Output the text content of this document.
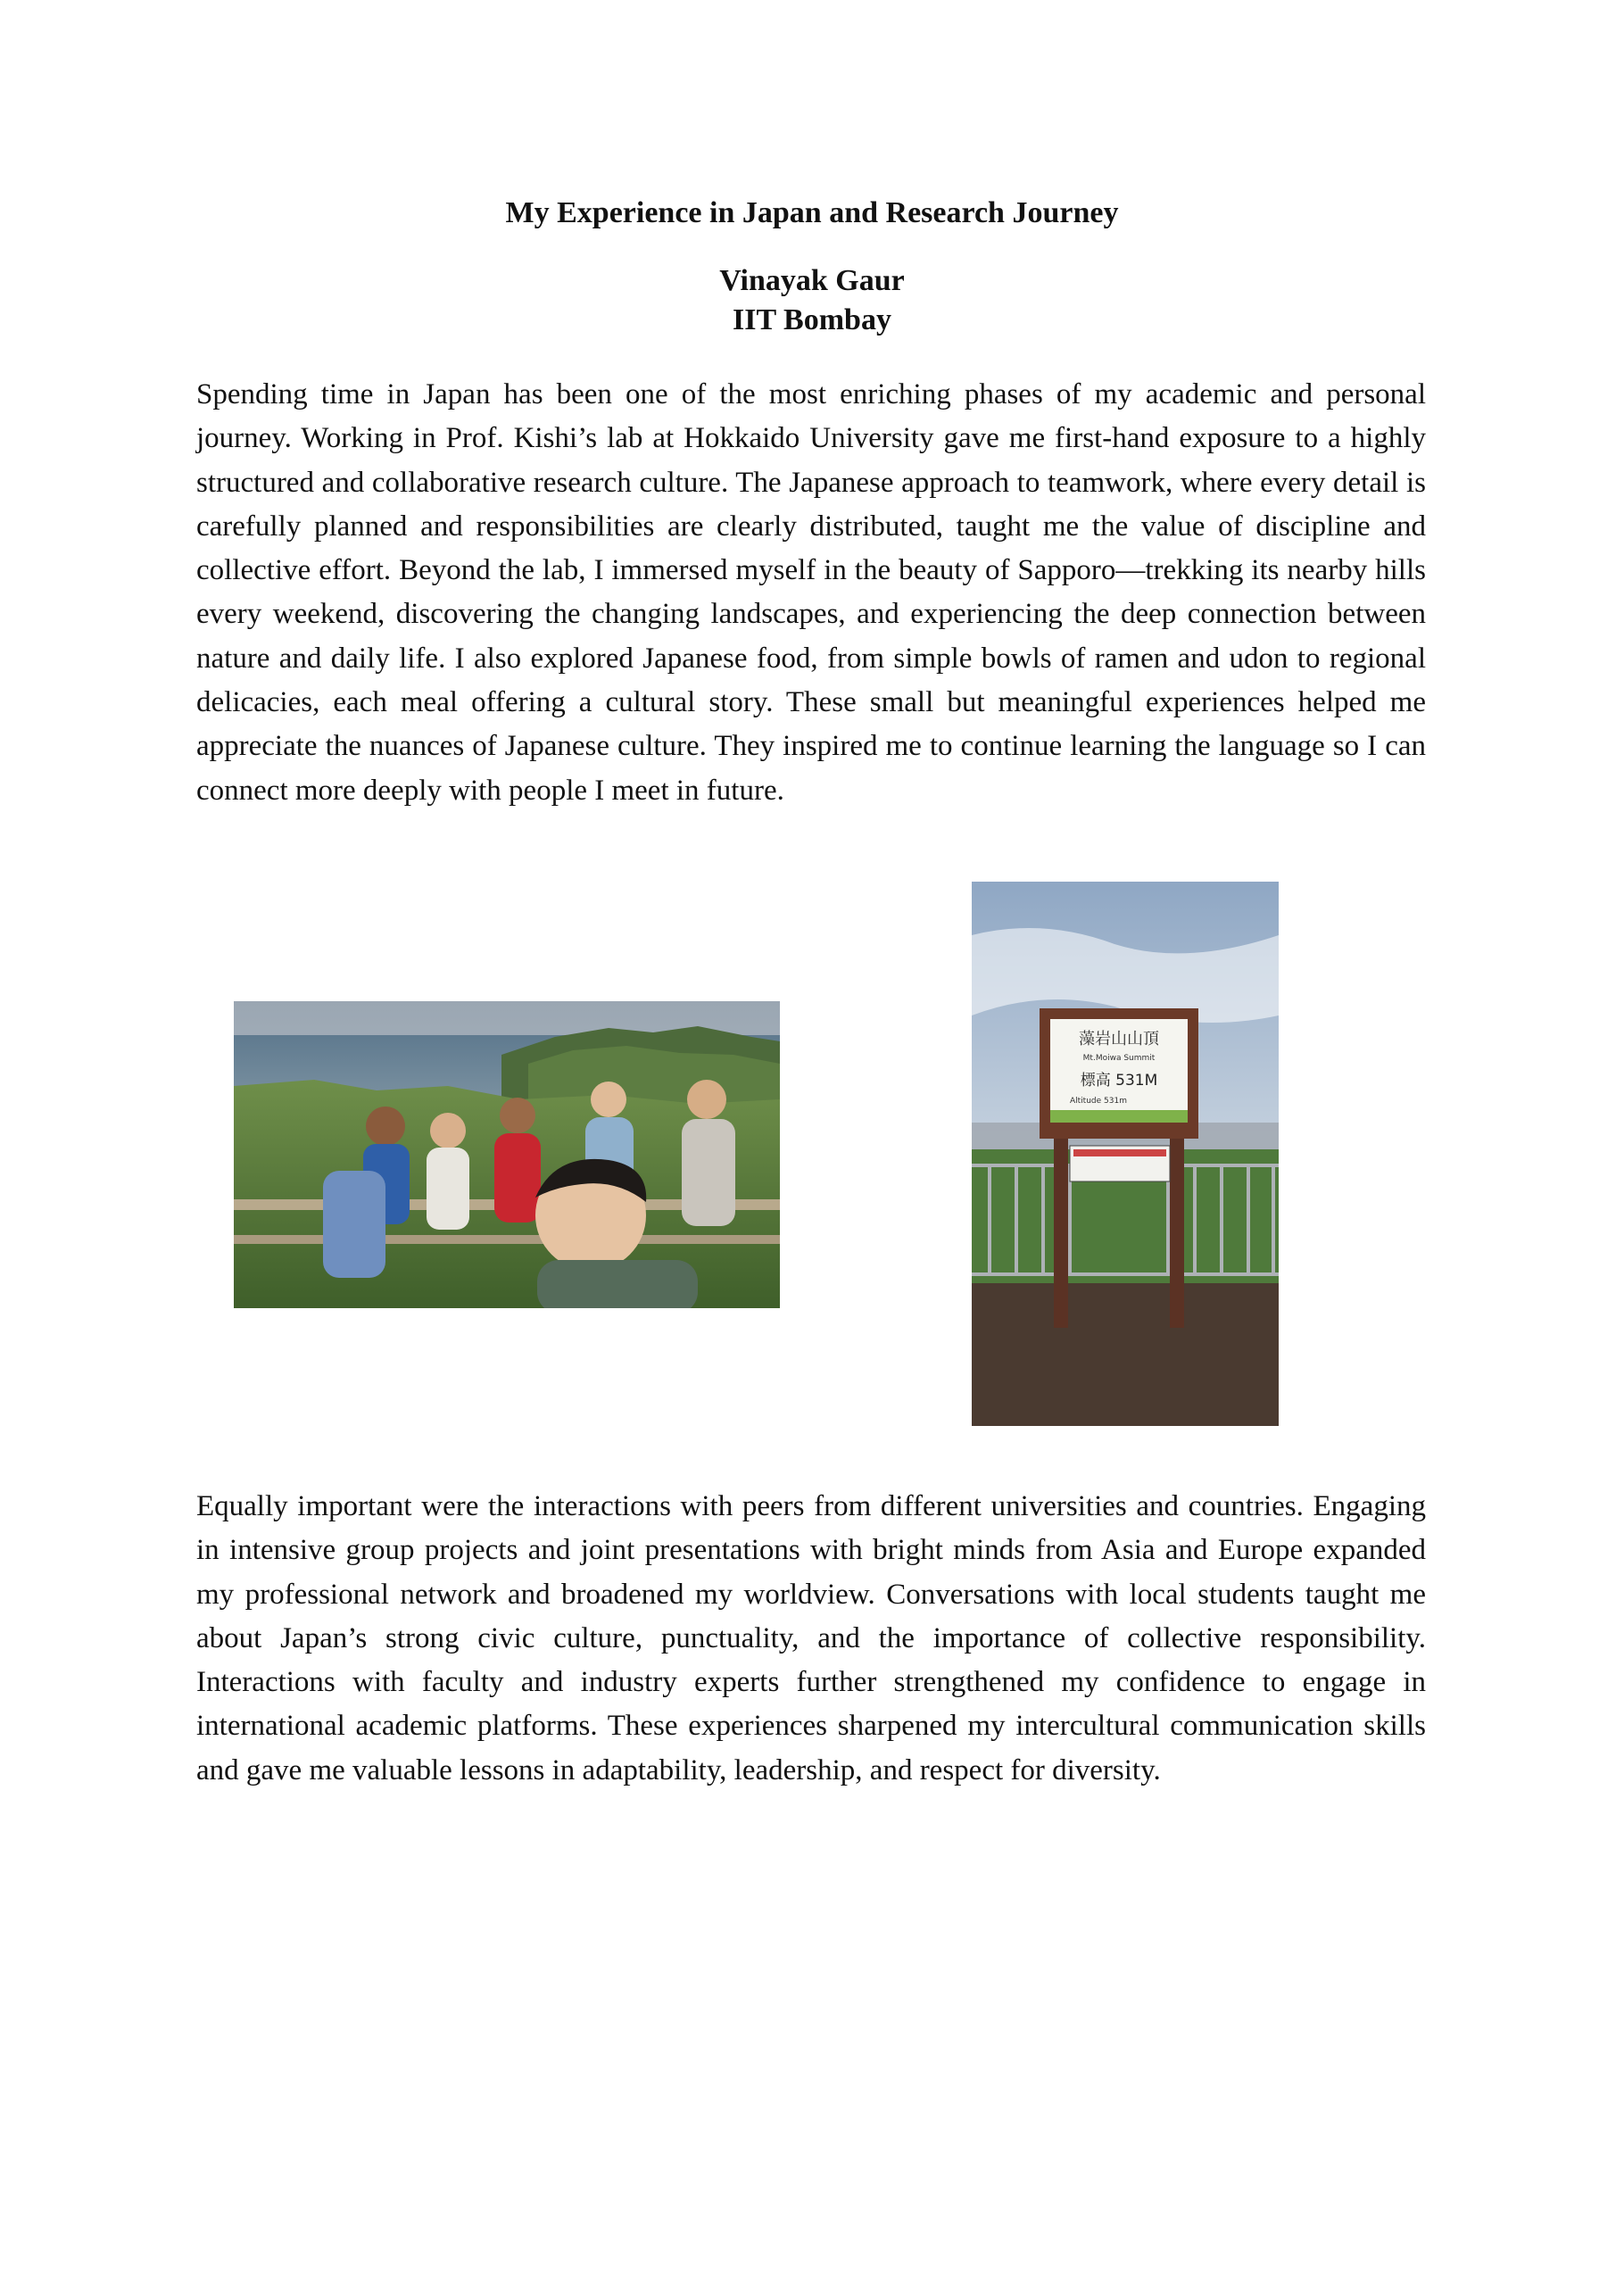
My Experience in Japan and Research Journey
Vinayak Gaur
IIT Bombay

Spending time in Japan has been one of the most enriching phases of my academic and personal journey. Working in Prof. Kishi’s lab at Hokkaido University gave me first-hand exposure to a highly structured and collaborative research culture. The Japanese approach to teamwork, where every detail is carefully planned and responsibilities are clearly distributed, taught me the value of discipline and collective effort. Beyond the lab, I immersed myself in the beauty of Sapporo—trekking its nearby hills every weekend, discovering the changing landscapes, and experiencing the deep connection between nature and daily life. I also explored Japanese food, from simple bowls of ramen and udon to regional delicacies, each meal offering a cultural story. These small but meaningful experiences helped me appreciate the nuances of Japanese culture. They inspired me to continue learning the language so I can connect more deeply with people I meet in future.

藻岩山山頂
Mt.Moiwa Summit
標高 531M
Altitude 531m

Equally important were the interactions with peers from different universities and countries. Engaging in intensive group projects and joint presentations with bright minds from Asia and Europe expanded my professional network and broadened my worldview. Conversations with local students taught me about Japan’s strong civic culture, punctuality, and the importance of collective responsibility. Interactions with faculty and industry experts further strengthened my confidence to engage in international academic platforms. These experiences sharpened my intercultural communication skills and gave me valuable lessons in adaptability, leadership, and respect for diversity.
